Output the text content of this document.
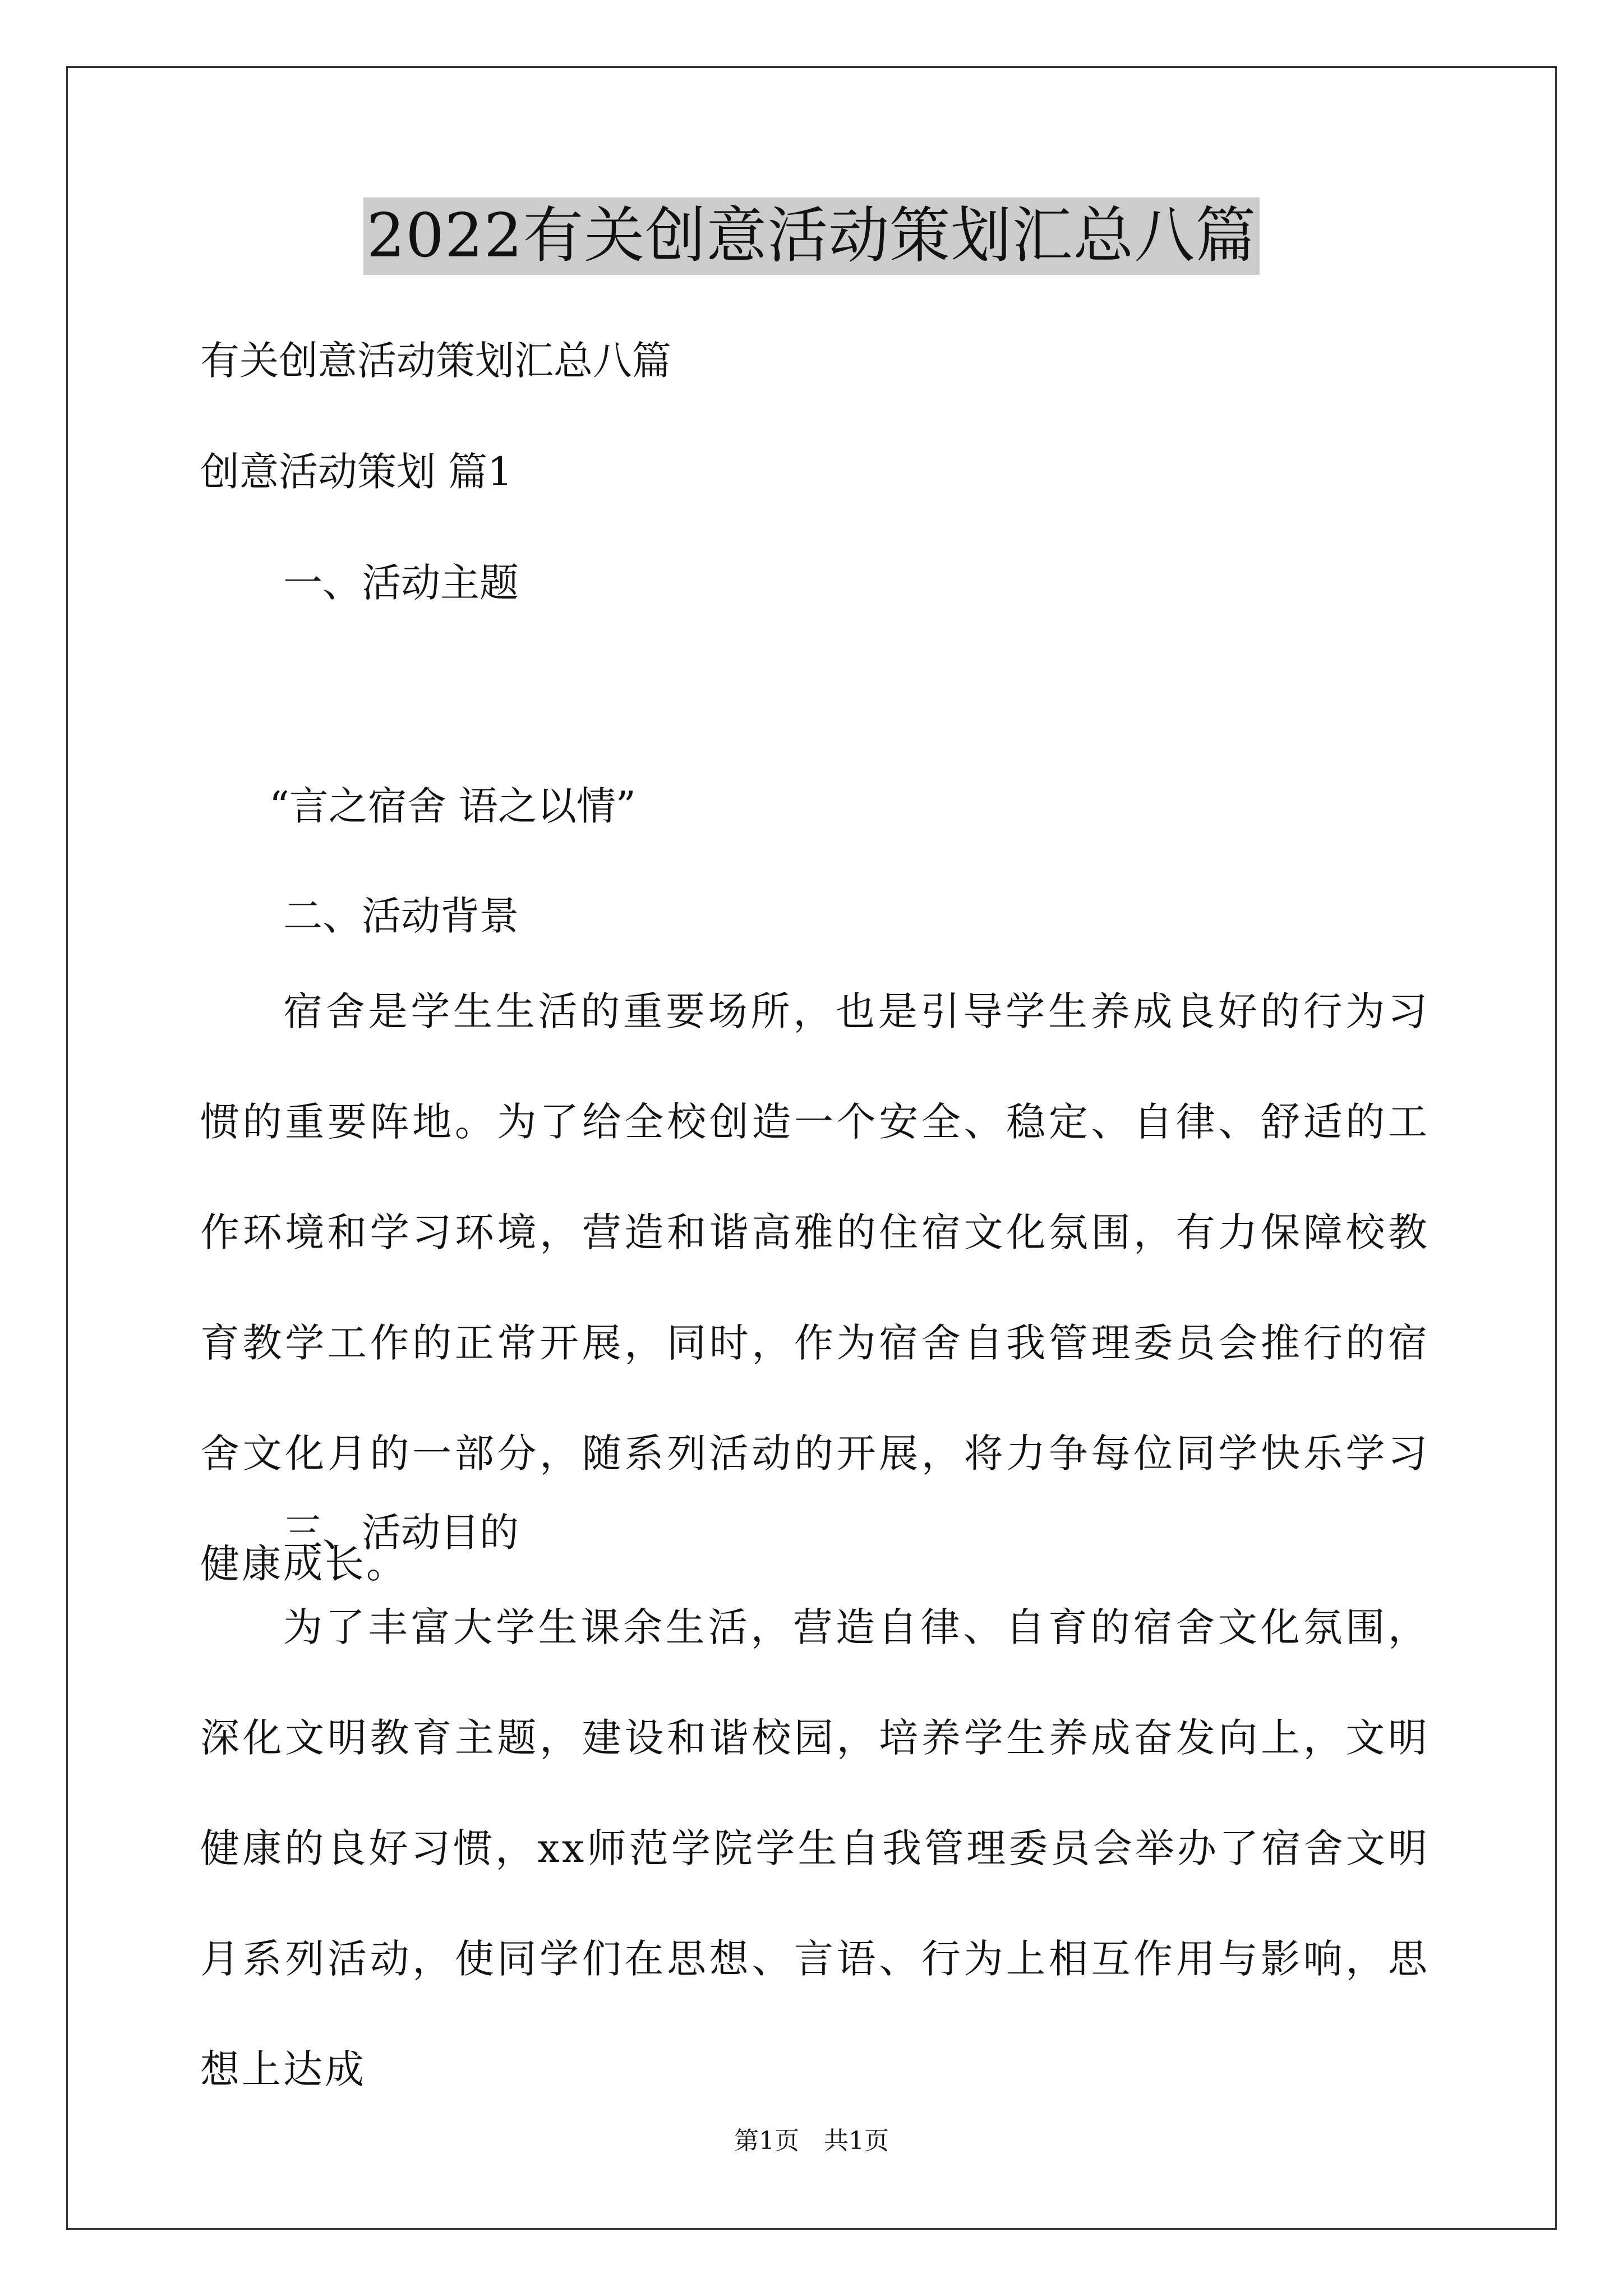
2022有关创意活动策划汇总八篇
有关创意活动策划汇总八篇
创意活动策划 篇1
一、活动主题
“言之宿舍 语之以情”
二、活动背景
宿舍是学生生活的重要场所，也是引导学生养成良好的行为习惯的重要阵地。为了给全校创造一个安全、稳定、自律、舒适的工作环境和学习环境，营造和谐高雅的住宿文化氛围，有力保障校教育教学工作的正常开展，同时，作为宿舍自我管理委员会推行的宿舍文化月的一部分，随系列活动的开展，将力争每位同学快乐学习健康成长。
三、活动目的
为了丰富大学生课余生活，营造自律、自育的宿舍文化氛围，深化文明教育主题，建设和谐校园，培养学生养成奋发向上，文明健康的良好习惯，xx师范学院学生自我管理委员会举办了宿舍文明月系列活动，使同学们在思想、言语、行为上相互作用与影响，思想上达成
第1页　共1页
